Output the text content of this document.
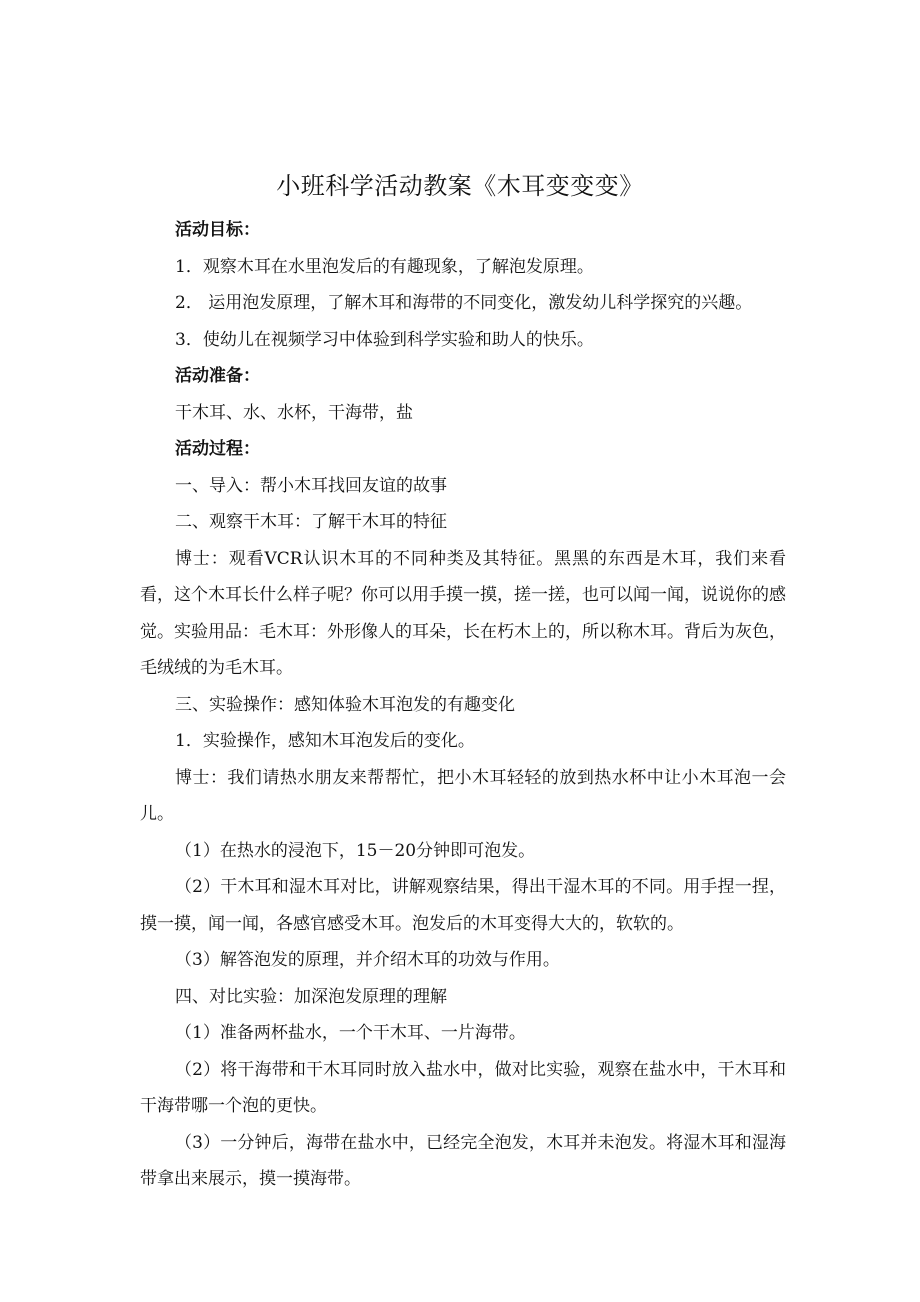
小班科学活动教案《木耳变变变》

活动目标：

1．观察木耳在水里泡发后的有趣现象，了解泡发原理。

2． 运用泡发原理，了解木耳和海带的不同变化，激发幼儿科学探究的兴趣。

3．使幼儿在视频学习中体验到科学实验和助人的快乐。

活动准备：

干木耳、水、水杯，干海带，盐

活动过程：

一、导入：帮小木耳找回友谊的故事

二、观察干木耳：了解干木耳的特征

博士：观看VCR认识木耳的不同种类及其特征。黑黑的东西是木耳，我们来看看，这个木耳长什么样子呢？你可以用手摸一摸，搓一搓，也可以闻一闻，说说你的感觉。实验用品：毛木耳：外形像人的耳朵，长在朽木上的，所以称木耳。背后为灰色，毛绒绒的为毛木耳。

三、实验操作：感知体验木耳泡发的有趣变化

1．实验操作，感知木耳泡发后的变化。

博士：我们请热水朋友来帮帮忙，把小木耳轻轻的放到热水杯中让小木耳泡一会儿。

（1）在热水的浸泡下，15－20分钟即可泡发。

（2）干木耳和湿木耳对比，讲解观察结果，得出干湿木耳的不同。用手捏一捏，摸一摸，闻一闻，各感官感受木耳。泡发后的木耳变得大大的，软软的。

（3）解答泡发的原理，并介绍木耳的功效与作用。

四、对比实验：加深泡发原理的理解

（1）准备两杯盐水，一个干木耳、一片海带。

（2）将干海带和干木耳同时放入盐水中，做对比实验，观察在盐水中，干木耳和干海带哪一个泡的更快。

（3）一分钟后，海带在盐水中，已经完全泡发，木耳并未泡发。将湿木耳和湿海带拿出来展示，摸一摸海带。
